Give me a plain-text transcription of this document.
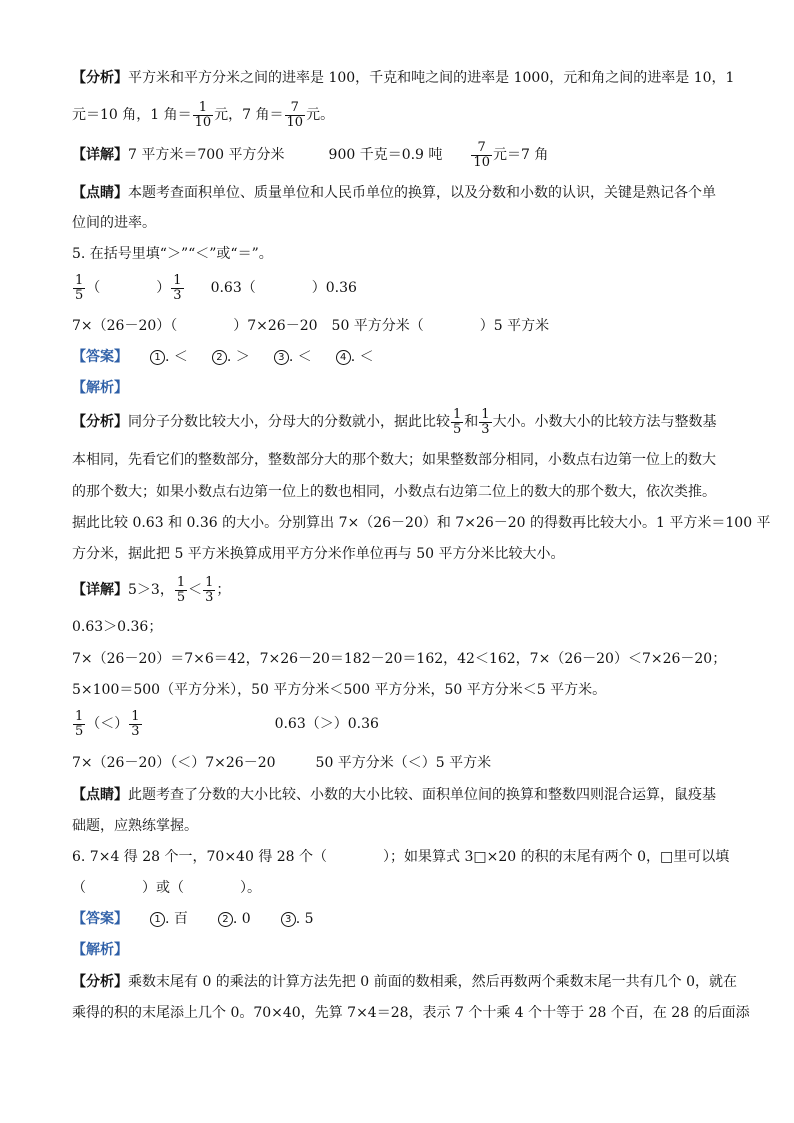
【分析】平方米和平方分米之间的进率是 100，千克和吨之间的进率是 1000，元和角之间的进率是 10，1
元＝10 角，1 角＝ $\frac{1}{10}$ 元，7 角＝ $\frac{7}{10}$ 元。
【详解】7 平方米＝700 平方分米	900 千克＝0.9 吨 $\frac{7}{10}$ 元＝7 角
【点睛】本题考查面积单位、质量单位和人民币单位的换算，以及分数和小数的认识，关键是熟记各个单
位间的进率。
5. 在括号里填“＞”“＜”或“＝”。
$\frac{1}{5}$ （　　　　） $\frac{1}{3} 0.63$（　　　　）0.36
7×（26－20）（　　　　）7×26－20　50 平方分米（　　　　）5 平方米
【答案】	1 . ＜	2 . ＞	3 . ＜	4 . ＜
【解析】
【分析】同分子分数比较大小，分母大的分数就小，据此比较 $\frac{1}{5}$ 和 $\frac{1}{3}$ 大小。小数大小的比较方法与整数基
本相同，先看它们的整数部分，整数部分大的那个数大；如果整数部分相同，小数点右边第一位上的数大
的那个数大；如果小数点右边第一位上的数也相同，小数点右边第二位上的数大的那个数大，依次类推。
据此比较 0.63 和 0.36 的大小。分别算出 7×（26－20）和 7×26－20 的得数再比较大小。1 平方米＝100 平
方分米，据此把 5 平方米换算成用平方分米作单位再与 50 平方分米比较大小。
【详解】5＞3， $\frac{1}{5} < \frac{1}{3}$ ；
0.63＞0.36；
7×（26－20）＝7×6＝42，7×26－20＝182－20＝162，42＜162，7×（26－20）＜7×26－20；
5×100＝500（平方分米），50 平方分米＜500 平方分米，50 平方分米＜5 平方米。
$\frac{1}{5}$ （＜） $\frac{1}{3}$	0.63（＞）0.36
7×（26－20）（＜）7×26－20	50 平方分米（＜）5 平方米
【点睛】此题考查了分数的大小比较、小数的大小比较、面积单位间的换算和整数四则混合运算，鼠疫基
础题，应熟练掌握。
6. 7×4 得 28 个一，70×40 得 28 个（　　　　）；如果算式 3□×20 的积的末尾有两个 0，□里可以填
（　　　　）或（　　　　）。
【答案】	1 . 百	2 . 0	3 . 5
【解析】
【分析】乘数末尾有 0 的乘法的计算方法先把 0 前面的数相乘，然后再数两个乘数末尾一共有几个 0，就在
乘得的积的末尾添上几个 0。70×40，先算 7×4＝28，表示 7 个十乘 4 个十等于 28 个百，在 28 的后面添
